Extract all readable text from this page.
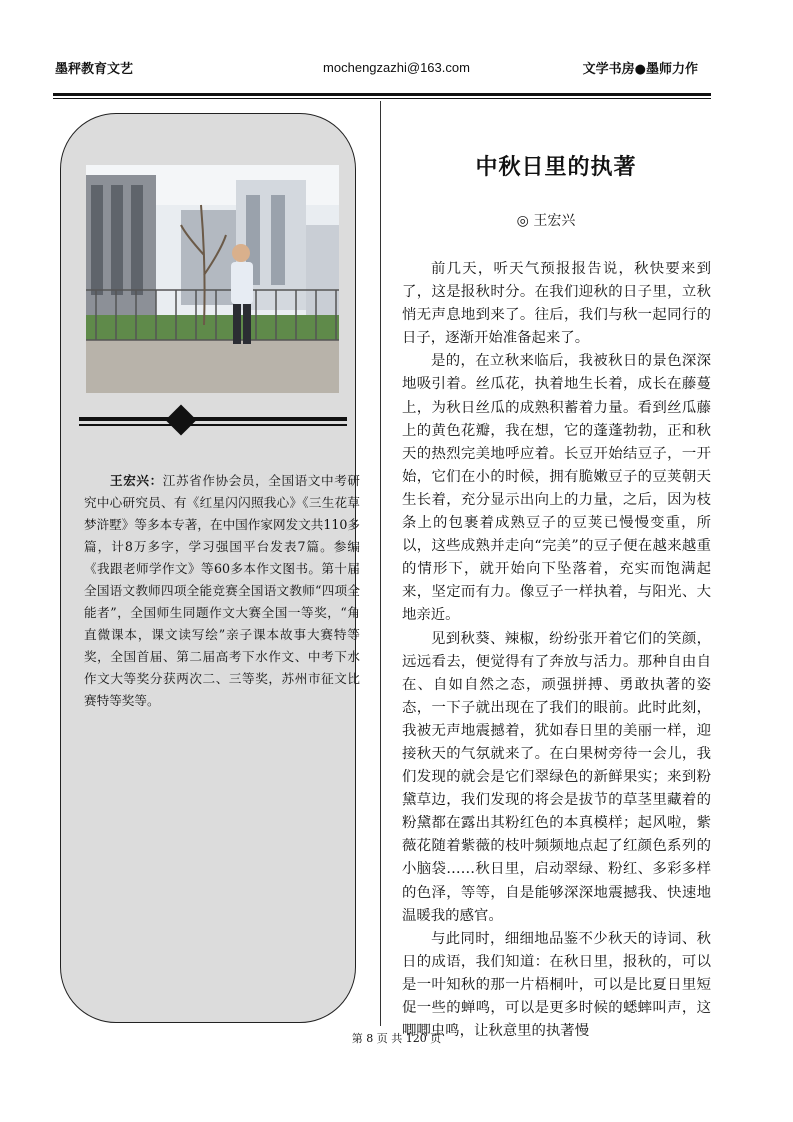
墨秤教育文艺	mochengzazhi@163.com	文学书房●墨师力作

王宏兴：江苏省作协会员，全国语文中考研究中心研究员、有《红星闪闪照我心》《三生花草梦浒墅》等多本专著，在中国作家网发文共110多篇，计8万多字，学习强国平台发表7篇。参编《我跟老师学作文》等60多本作文图书。第十届全国语文教师四项全能竞赛全国语文教师“四项全能者”，全国师生同题作文大赛全国一等奖，“角直微课本，课文读写绘”亲子课本故事大赛特等奖，全国首届、第二届高考下水作文、中考下水作文大等奖分获两次二、三等奖，苏州市征文比赛特等奖等。

中秋日里的执著
◎ 王宏兴

前几天，听天气预报报告说，秋快要来到了，这是报秋时分。在我们迎秋的日子里，立秋悄无声息地到来了。往后，我们与秋一起同行的日子，逐渐开始准备起来了。

是的，在立秋来临后，我被秋日的景色深深地吸引着。丝瓜花，执着地生长着，成长在藤蔓上，为秋日丝瓜的成熟积蓄着力量。看到丝瓜藤上的黄色花瓣，我在想，它的蓬蓬勃勃，正和秋天的热烈完美地呼应着。长豆开始结豆子，一开始，它们在小的时候，拥有脆嫩豆子的豆荚朝天生长着，充分显示出向上的力量，之后，因为枝条上的包裹着成熟豆子的豆荚已慢慢变重，所以，这些成熟并走向“完美”的豆子便在越来越重的情形下，就开始向下坠落着，充实而饱满起来，坚定而有力。像豆子一样执着，与阳光、大地亲近。

见到秋葵、辣椒，纷纷张开着它们的笑颜，远远看去，便觉得有了奔放与活力。那种自由自在、自如自然之态，顽强拼搏、勇敢执著的姿态，一下子就出现在了我们的眼前。此时此刻，我被无声地震撼着，犹如春日里的美丽一样，迎接秋天的气氛就来了。在白果树旁待一会儿，我们发现的就会是它们翠绿色的新鲜果实；来到粉黛草边，我们发现的将会是拔节的草茎里藏着的粉黛都在露出其粉红色的本真模样；起风啦，紫薇花随着紫薇的枝叶频频地点起了红颜色系列的小脑袋……秋日里，启动翠绿、粉红、多彩多样的色泽，等等，自是能够深深地震撼我、快速地温暖我的感官。

与此同时，细细地品鉴不少秋天的诗词、秋日的成语，我们知道：在秋日里，报秋的，可以是一叶知秋的那一片梧桐叶，可以是比夏日里短促一些的蝉鸣，可以是更多时候的蟋蟀叫声，这唧唧虫鸣，让秋意里的执著慢

第 8 页 共 120 页
